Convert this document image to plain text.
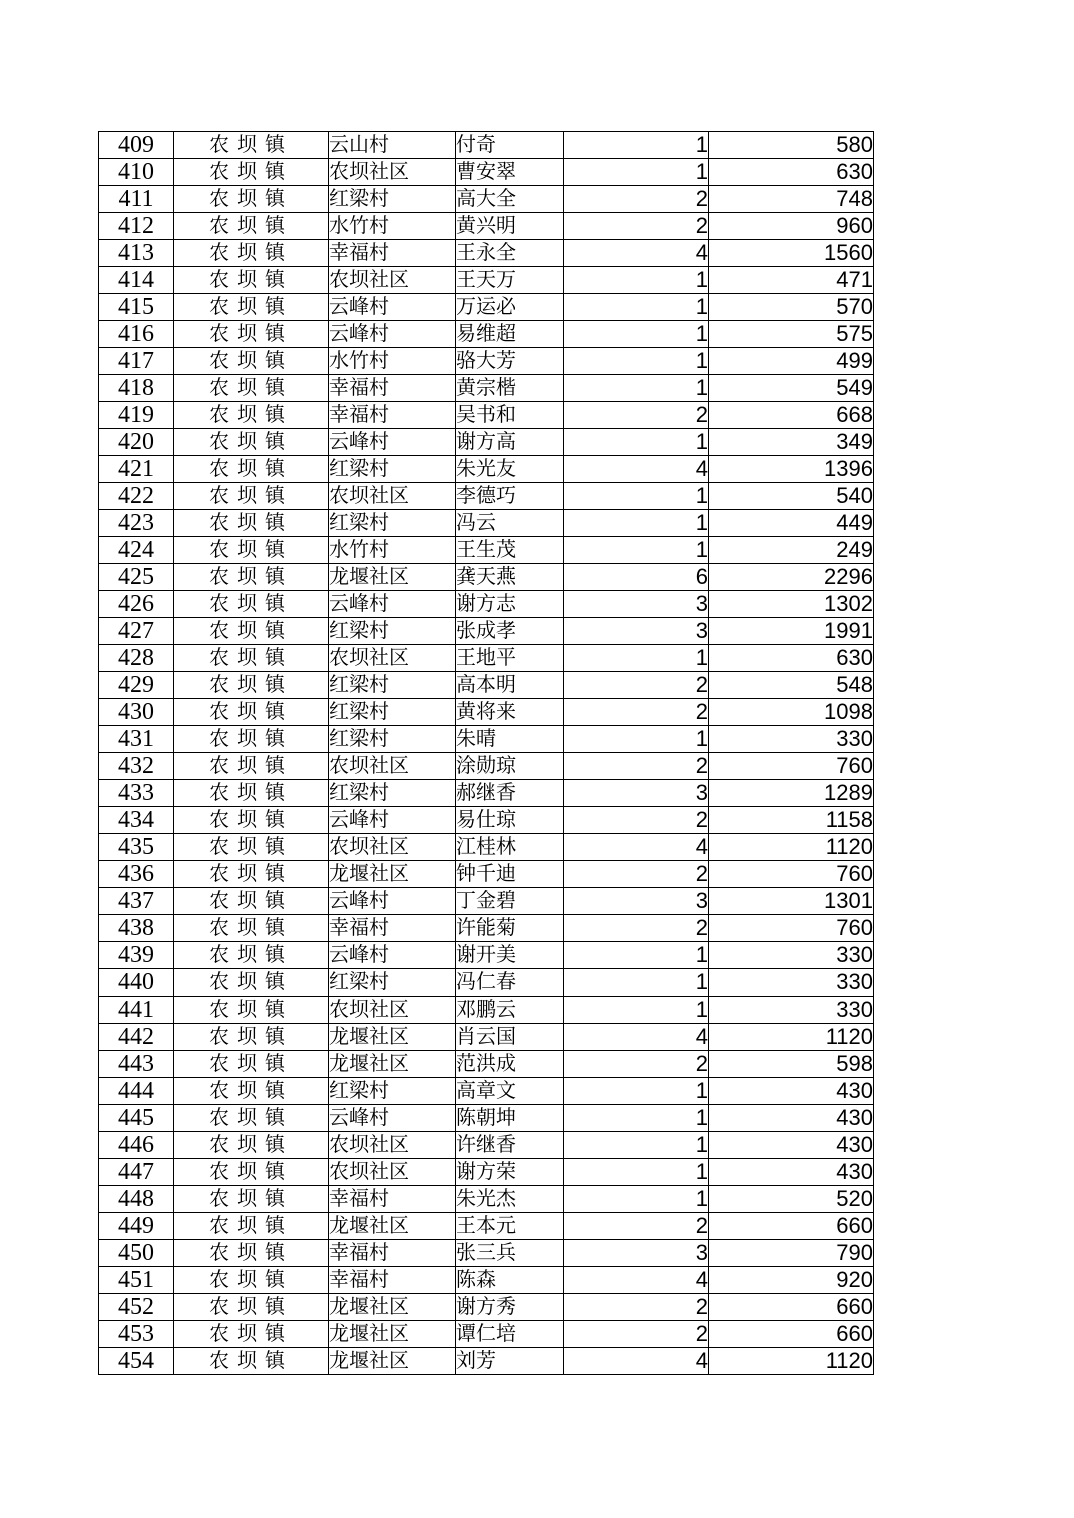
409	农坝镇	云山村	付奇	1	580
410	农坝镇	农坝社区	曹安翠	1	630
411	农坝镇	红梁村	高大全	2	748
412	农坝镇	水竹村	黄兴明	2	960
413	农坝镇	幸福村	王永全	4	1560
414	农坝镇	农坝社区	王天万	1	471
415	农坝镇	云峰村	万运必	1	570
416	农坝镇	云峰村	易维超	1	575
417	农坝镇	水竹村	骆大芳	1	499
418	农坝镇	幸福村	黄宗楷	1	549
419	农坝镇	幸福村	吴书和	2	668
420	农坝镇	云峰村	谢方高	1	349
421	农坝镇	红梁村	朱光友	4	1396
422	农坝镇	农坝社区	李德巧	1	540
423	农坝镇	红梁村	冯云	1	449
424	农坝镇	水竹村	王生茂	1	249
425	农坝镇	龙堰社区	龚天燕	6	2296
426	农坝镇	云峰村	谢方志	3	1302
427	农坝镇	红梁村	张成孝	3	1991
428	农坝镇	农坝社区	王地平	1	630
429	农坝镇	红梁村	高本明	2	548
430	农坝镇	红梁村	黄将来	2	1098
431	农坝镇	红梁村	朱晴	1	330
432	农坝镇	农坝社区	涂勋琼	2	760
433	农坝镇	红梁村	郝继香	3	1289
434	农坝镇	云峰村	易仕琼	2	1158
435	农坝镇	农坝社区	江桂林	4	1120
436	农坝镇	龙堰社区	钟千迪	2	760
437	农坝镇	云峰村	丁金碧	3	1301
438	农坝镇	幸福村	许能菊	2	760
439	农坝镇	云峰村	谢开美	1	330
440	农坝镇	红梁村	冯仁春	1	330
441	农坝镇	农坝社区	邓鹏云	1	330
442	农坝镇	龙堰社区	肖云国	4	1120
443	农坝镇	龙堰社区	范洪成	2	598
444	农坝镇	红梁村	高章文	1	430
445	农坝镇	云峰村	陈朝坤	1	430
446	农坝镇	农坝社区	许继香	1	430
447	农坝镇	农坝社区	谢方荣	1	430
448	农坝镇	幸福村	朱光杰	1	520
449	农坝镇	龙堰社区	王本元	2	660
450	农坝镇	幸福村	张三兵	3	790
451	农坝镇	幸福村	陈森	4	920
452	农坝镇	龙堰社区	谢方秀	2	660
453	农坝镇	龙堰社区	谭仁培	2	660
454	农坝镇	龙堰社区	刘芳	4	1120
